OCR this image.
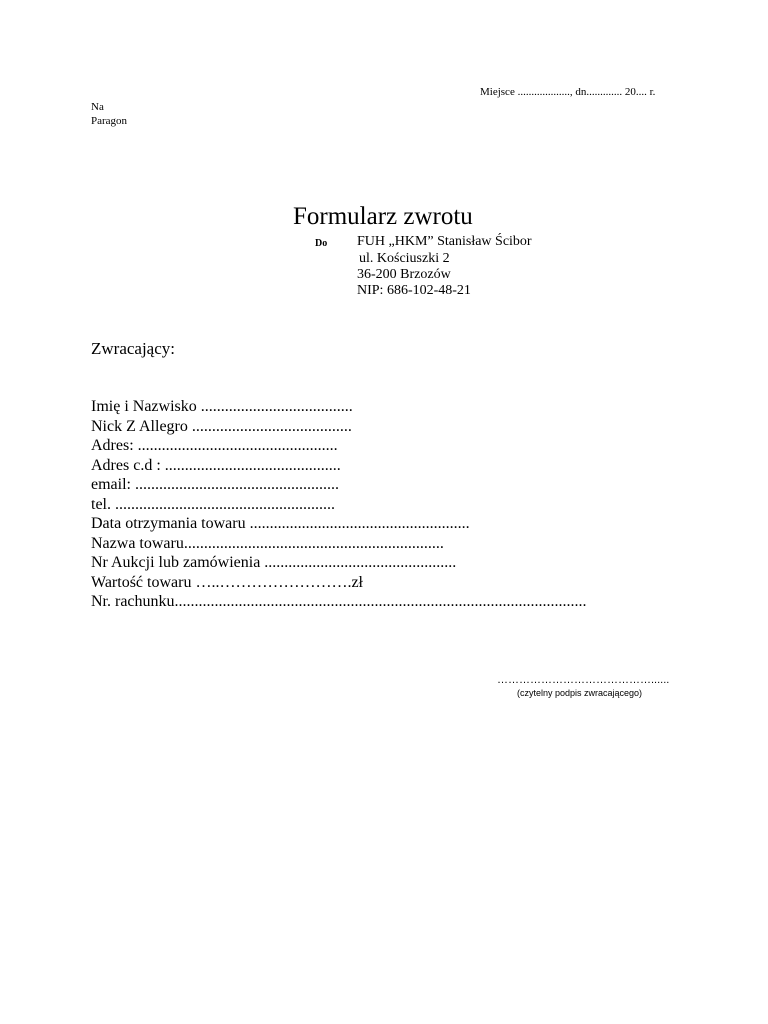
Miejsce ..................., dn............. 20.... r.
Na
Paragon
Formularz zwrotu
Do FUH „HKM” Stanisław Ścibor
ul. Kościuszki 2
36-200 Brzozów
NIP: 686-102-48-21
Zwracający:
Imię i Nazwisko ......................................
Nick Z Allegro ........................................
Adres: ..................................................
Adres c.d : ............................................
email: ...................................................
tel. .......................................................
Data otrzymania towaru .......................................................
Nazwa towaru.................................................................
Nr Aukcji lub zamówienia ................................................
Wartość towaru …..…………………….zł
Nr. rachunku.......................................................................................................
……………………………………......
(czytelny podpis zwracającego)
